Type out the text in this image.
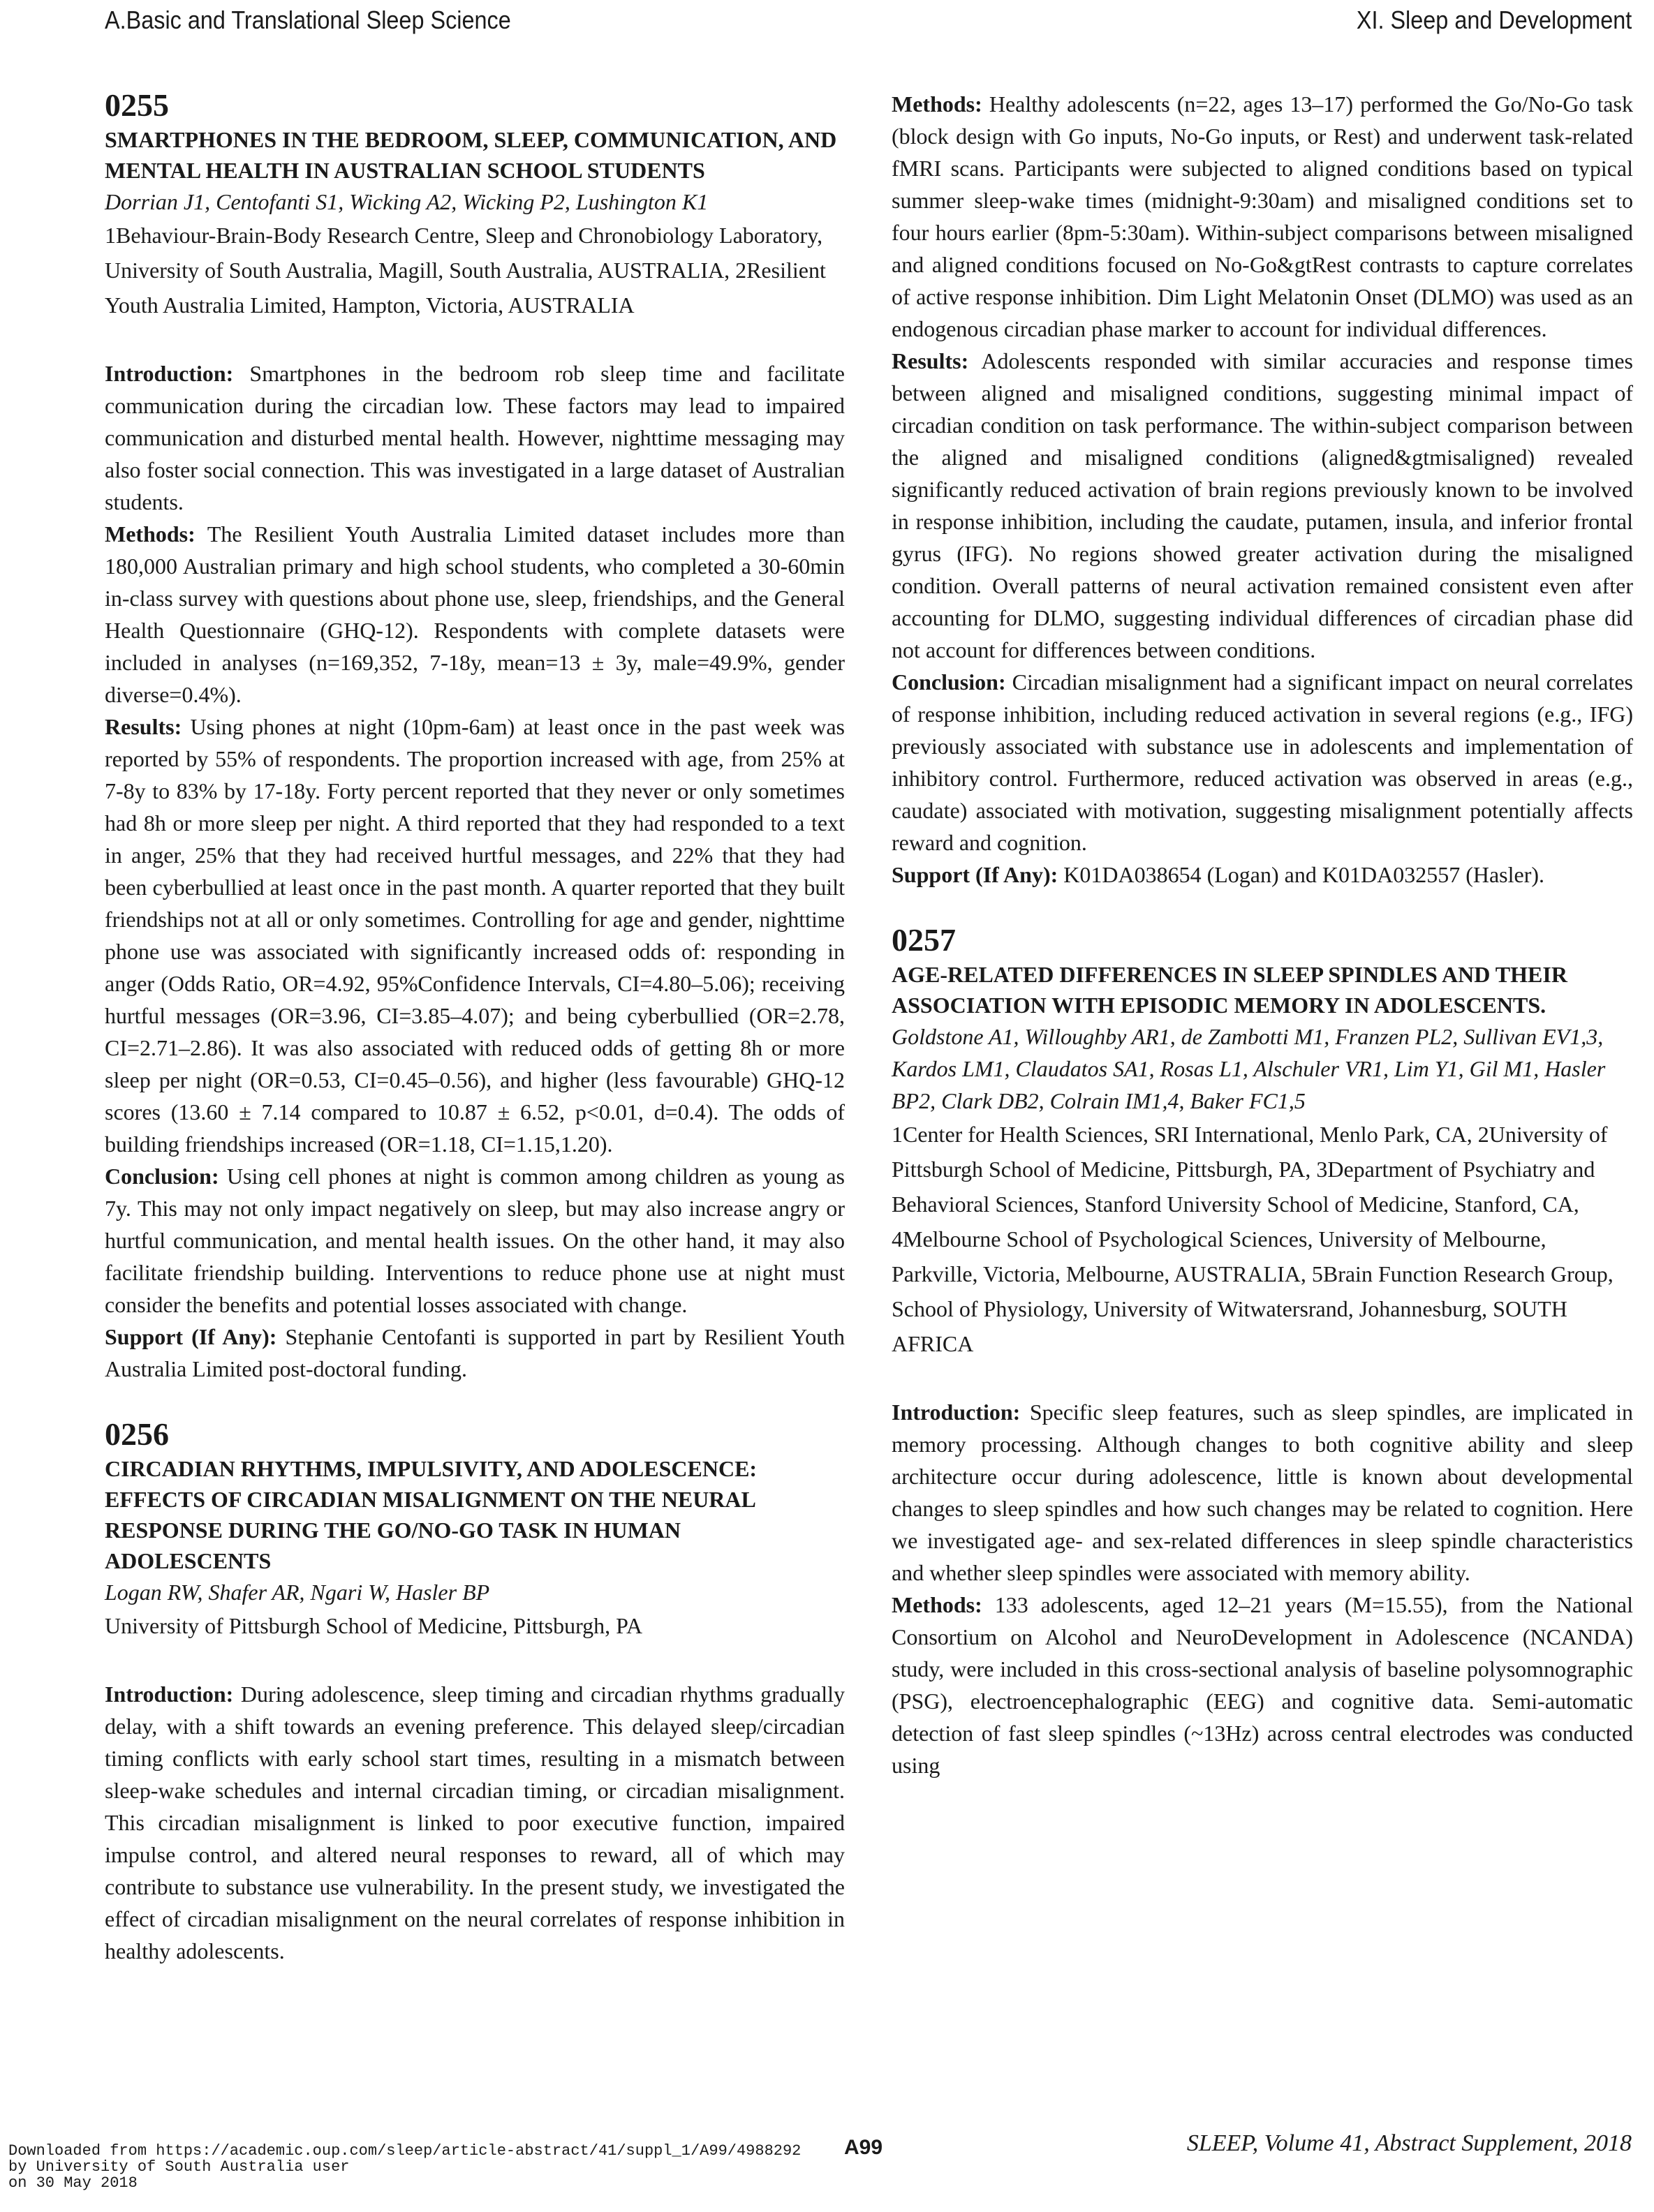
A.Basic and Translational Sleep Science	XI. Sleep and Development
0255
SMARTPHONES IN THE BEDROOM, SLEEP, COMMUNICATION, AND MENTAL HEALTH IN AUSTRALIAN SCHOOL STUDENTS
Dorrian J1, Centofanti S1, Wicking A2, Wicking P2, Lushington K1
1Behaviour-Brain-Body Research Centre, Sleep and Chronobiology Laboratory, University of South Australia, Magill, South Australia, AUSTRALIA, 2Resilient Youth Australia Limited, Hampton, Victoria, AUSTRALIA

Introduction: Smartphones in the bedroom rob sleep time and facilitate communication during the circadian low. These factors may lead to impaired communication and disturbed mental health. However, nighttime messaging may also foster social connection. This was investigated in a large dataset of Australian students.

Methods: The Resilient Youth Australia Limited dataset includes more than 180,000 Australian primary and high school students, who completed a 30-60min in-class survey with questions about phone use, sleep, friendships, and the General Health Questionnaire (GHQ-12). Respondents with complete datasets were included in analyses (n=169,352, 7-18y, mean=13 ± 3y, male=49.9%, gender diverse=0.4%).

Results: Using phones at night (10pm-6am) at least once in the past week was reported by 55% of respondents. The proportion increased with age, from 25% at 7-8y to 83% by 17-18y. Forty percent reported that they never or only sometimes had 8h or more sleep per night. A third reported that they had responded to a text in anger, 25% that they had received hurtful messages, and 22% that they had been cyberbullied at least once in the past month. A quarter reported that they built friendships not at all or only sometimes. Controlling for age and gender, nighttime phone use was associated with significantly increased odds of: responding in anger (Odds Ratio, OR=4.92, 95%Confidence Intervals, CI=4.80–5.06); receiving hurtful messages (OR=3.96, CI=3.85–4.07); and being cyberbullied (OR=2.78, CI=2.71–2.86). It was also associated with reduced odds of getting 8h or more sleep per night (OR=0.53, CI=0.45–0.56), and higher (less favourable) GHQ-12 scores (13.60 ± 7.14 compared to 10.87 ± 6.52, p<0.01, d=0.4). The odds of building friendships increased (OR=1.18, CI=1.15,1.20).

Conclusion: Using cell phones at night is common among children as young as 7y. This may not only impact negatively on sleep, but may also increase angry or hurtful communication, and mental health issues. On the other hand, it may also facilitate friendship building. Interventions to reduce phone use at night must consider the benefits and potential losses associated with change.

Support (If Any): Stephanie Centofanti is supported in part by Resilient Youth Australia Limited post-doctoral funding.

0256
CIRCADIAN RHYTHMS, IMPULSIVITY, AND ADOLESCENCE: EFFECTS OF CIRCADIAN MISALIGNMENT ON THE NEURAL RESPONSE DURING THE GO/NO-GO TASK IN HUMAN ADOLESCENTS
Logan RW, Shafer AR, Ngari W, Hasler BP
University of Pittsburgh School of Medicine, Pittsburgh, PA

Introduction: During adolescence, sleep timing and circadian rhythms gradually delay, with a shift towards an evening preference. This delayed sleep/circadian timing conflicts with early school start times, resulting in a mismatch between sleep-wake schedules and internal circadian timing, or circadian misalignment. This circadian misalignment is linked to poor executive function, impaired impulse control, and altered neural responses to reward, all of which may contribute to substance use vulnerability. In the present study, we investigated the effect of circadian misalignment on the neural correlates of response inhibition in healthy adolescents.

Methods: Healthy adolescents (n=22, ages 13–17) performed the Go/No-Go task (block design with Go inputs, No-Go inputs, or Rest) and underwent task-related fMRI scans. Participants were subjected to aligned conditions based on typical summer sleep-wake times (midnight-9:30am) and misaligned conditions set to four hours earlier (8pm-5:30am). Within-subject comparisons between misaligned and aligned conditions focused on No-Go&gtRest contrasts to capture correlates of active response inhibition. Dim Light Melatonin Onset (DLMO) was used as an endogenous circadian phase marker to account for individual differences.

Results: Adolescents responded with similar accuracies and response times between aligned and misaligned conditions, suggesting minimal impact of circadian condition on task performance. The within-subject comparison between the aligned and misaligned conditions (aligned&gtmisaligned) revealed significantly reduced activation of brain regions previously known to be involved in response inhibition, including the caudate, putamen, insula, and inferior frontal gyrus (IFG). No regions showed greater activation during the misaligned condition. Overall patterns of neural activation remained consistent even after accounting for DLMO, suggesting individual differences of circadian phase did not account for differences between conditions.

Conclusion: Circadian misalignment had a significant impact on neural correlates of response inhibition, including reduced activation in several regions (e.g., IFG) previously associated with substance use in adolescents and implementation of inhibitory control. Furthermore, reduced activation was observed in areas (e.g., caudate) associated with motivation, suggesting misalignment potentially affects reward and cognition.

Support (If Any): K01DA038654 (Logan) and K01DA032557 (Hasler).

0257
AGE-RELATED DIFFERENCES IN SLEEP SPINDLES AND THEIR ASSOCIATION WITH EPISODIC MEMORY IN ADOLESCENTS.
Goldstone A1, Willoughby AR1, de Zambotti M1, Franzen PL2, Sullivan EV1,3, Kardos LM1, Claudatos SA1, Rosas L1, Alschuler VR1, Lim Y1, Gil M1, Hasler BP2, Clark DB2, Colrain IM1,4, Baker FC1,5
1Center for Health Sciences, SRI International, Menlo Park, CA, 2University of Pittsburgh School of Medicine, Pittsburgh, PA, 3Department of Psychiatry and Behavioral Sciences, Stanford University School of Medicine, Stanford, CA, 4Melbourne School of Psychological Sciences, University of Melbourne, Parkville, Victoria, Melbourne, AUSTRALIA, 5Brain Function Research Group, School of Physiology, University of Witwatersrand, Johannesburg, SOUTH AFRICA

Introduction: Specific sleep features, such as sleep spindles, are implicated in memory processing. Although changes to both cognitive ability and sleep architecture occur during adolescence, little is known about developmental changes to sleep spindles and how such changes may be related to cognition. Here we investigated age- and sex-related differences in sleep spindle characteristics and whether sleep spindles were associated with memory ability.

Methods: 133 adolescents, aged 12–21 years (M=15.55), from the National Consortium on Alcohol and NeuroDevelopment in Adolescence (NCANDA) study, were included in this cross-sectional analysis of baseline polysomnographic (PSG), electroencephalographic (EEG) and cognitive data. Semi-automatic detection of fast sleep spindles (~13Hz) across central electrodes was conducted using

Downloaded from https://academic.oup.com/sleep/article-abstract/41/suppl_1/A99/4988292
by University of South Australia user
on 30 May 2018
A99	SLEEP, Volume 41, Abstract Supplement, 2018
